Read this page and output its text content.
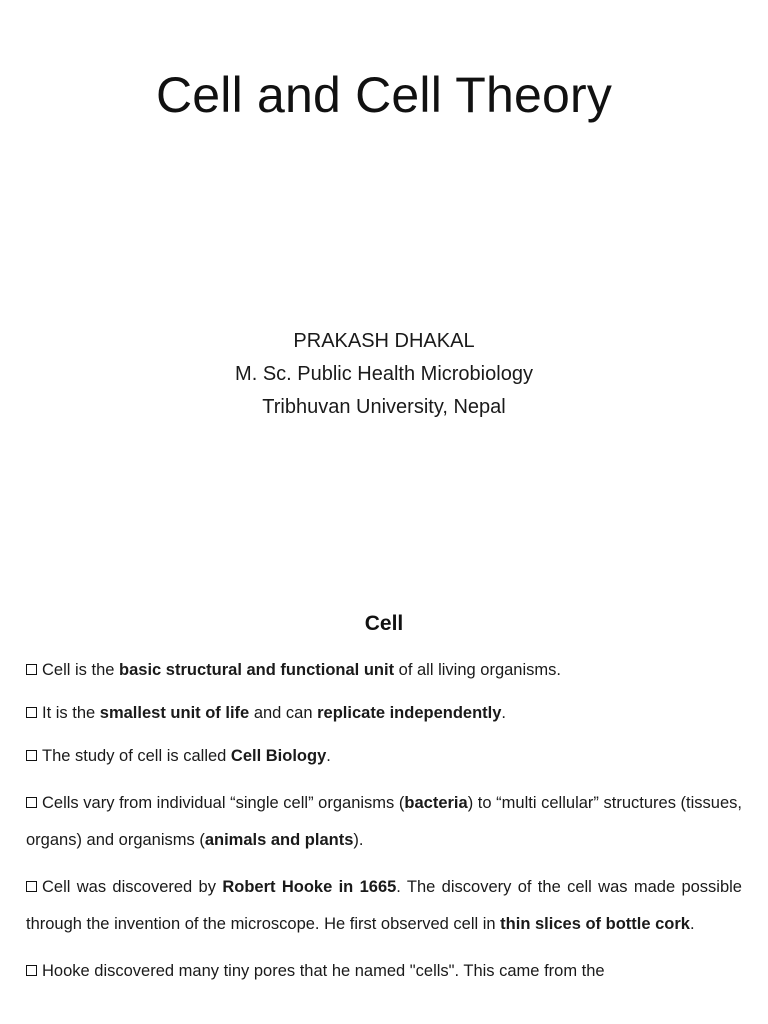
Cell and Cell Theory
PRAKASH DHAKAL
M. Sc. Public Health Microbiology
Tribhuvan University, Nepal
Cell

Cell is the basic structural and functional unit of all living organisms.

It is the smallest unit of life and can replicate independently.

The study of cell is called Cell Biology.

Cells vary from individual “single cell” organisms (bacteria) to “multi cellular” structures (tissues, organs) and organisms (animals and plants).

Cell was discovered by Robert Hooke in 1665. The discovery of the cell was made possible through the invention of the microscope. He first observed cell in thin slices of bottle cork.

Hooke discovered many tiny pores that he named "cells". This came from the
